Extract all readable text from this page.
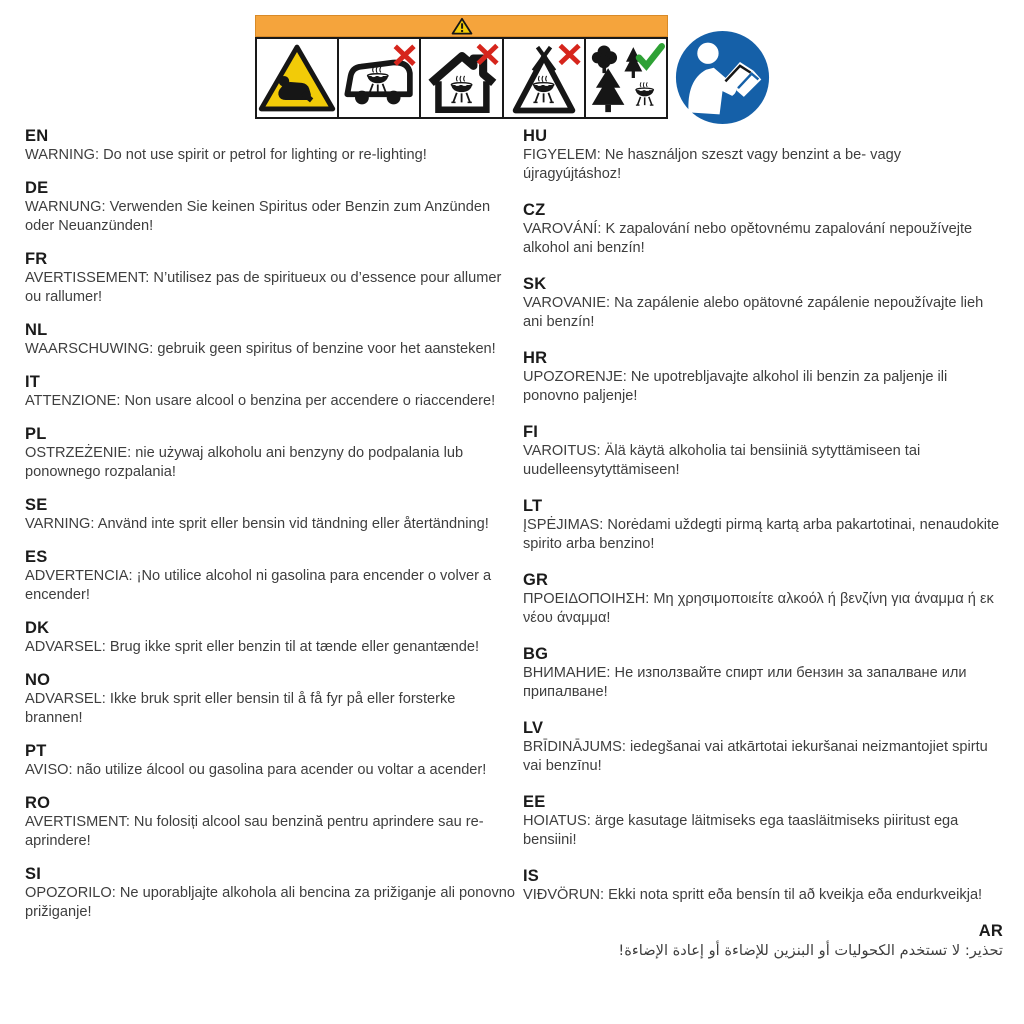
EN
WARNING: Do not use spirit or petrol for lighting or re-lighting!
DE
WARNUNG: Verwenden Sie keinen Spiritus oder Benzin zum Anzünden oder Neuanzünden!
FR
AVERTISSEMENT: N’utilisez pas de spiritueux ou d’essence pour allumer ou rallumer!
NL
WAARSCHUWING: gebruik geen spiritus of benzine voor het aansteken!
IT
ATTENZIONE: Non usare alcool o benzina per accendere o riaccendere!
PL
OSTRZEŻENIE: nie używaj alkoholu ani benzyny do podpalania lub ponownego rozpalania!
SE
VARNING: Använd inte sprit eller bensin vid tändning eller återtändning!
ES
ADVERTENCIA: ¡No utilice alcohol ni gasolina para encender o volver a encender!
DK
ADVARSEL: Brug ikke sprit eller benzin til at tænde eller genantænde!
NO
ADVARSEL: Ikke bruk sprit eller bensin til å få fyr på eller forsterke brannen!
PT
AVISO: não utilize álcool ou gasolina para acender ou voltar a acender!
RO
AVERTISMENT: Nu folosiți alcool sau benzină pentru aprindere sau re-aprindere!
SI
OPOZORILO: Ne uporabljajte alkohola ali bencina za prižiganje ali ponovno prižiganje!
HU
FIGYELEM: Ne használjon szeszt vagy benzint a be- vagy újragyújtáshoz!
CZ
VAROVÁNÍ: K zapalování nebo opětovnému zapalování nepoužívejte alkohol ani benzín!
SK
VAROVANIE: Na zapálenie alebo opätovné zapálenie nepoužívajte lieh ani benzín!
HR
UPOZORENJE: Ne upotrebljavajte alkohol ili benzin za paljenje ili ponovno paljenje!
FI
VAROITUS: Älä käytä alkoholia tai bensiiniä sytyttämiseen tai uudelleensytyttämiseen!
LT
ĮSPĖJIMAS: Norėdami uždegti pirmą kartą arba pakartotinai, nenaudokite spirito arba benzino!
GR
ΠΡΟΕΙΔΟΠΟΙΗΣΗ: Μη χρησιμοποιείτε αλκοόλ ή βενζίνη για άναμμα ή εκ νέου άναμμα!
BG
ВНИМАНИЕ: Не използвайте спирт или бензин за запалване или припалване!
LV
BRĪDINĀJUMS: iedegšanai vai atkārtotai iekuršanai neizmantojiet spirtu vai benzīnu!
EE
HOIATUS: ärge kasutage läitmiseks ega taasläitmiseks piiritust ega bensiini!
IS
VIÐVÖRUN: Ekki nota spritt eða bensín til að kveikja eða endurkveikja!
AR
تحذير: لا تستخدم الكحوليات أو البنزين للإضاءة أو إعادة الإضاءة!
